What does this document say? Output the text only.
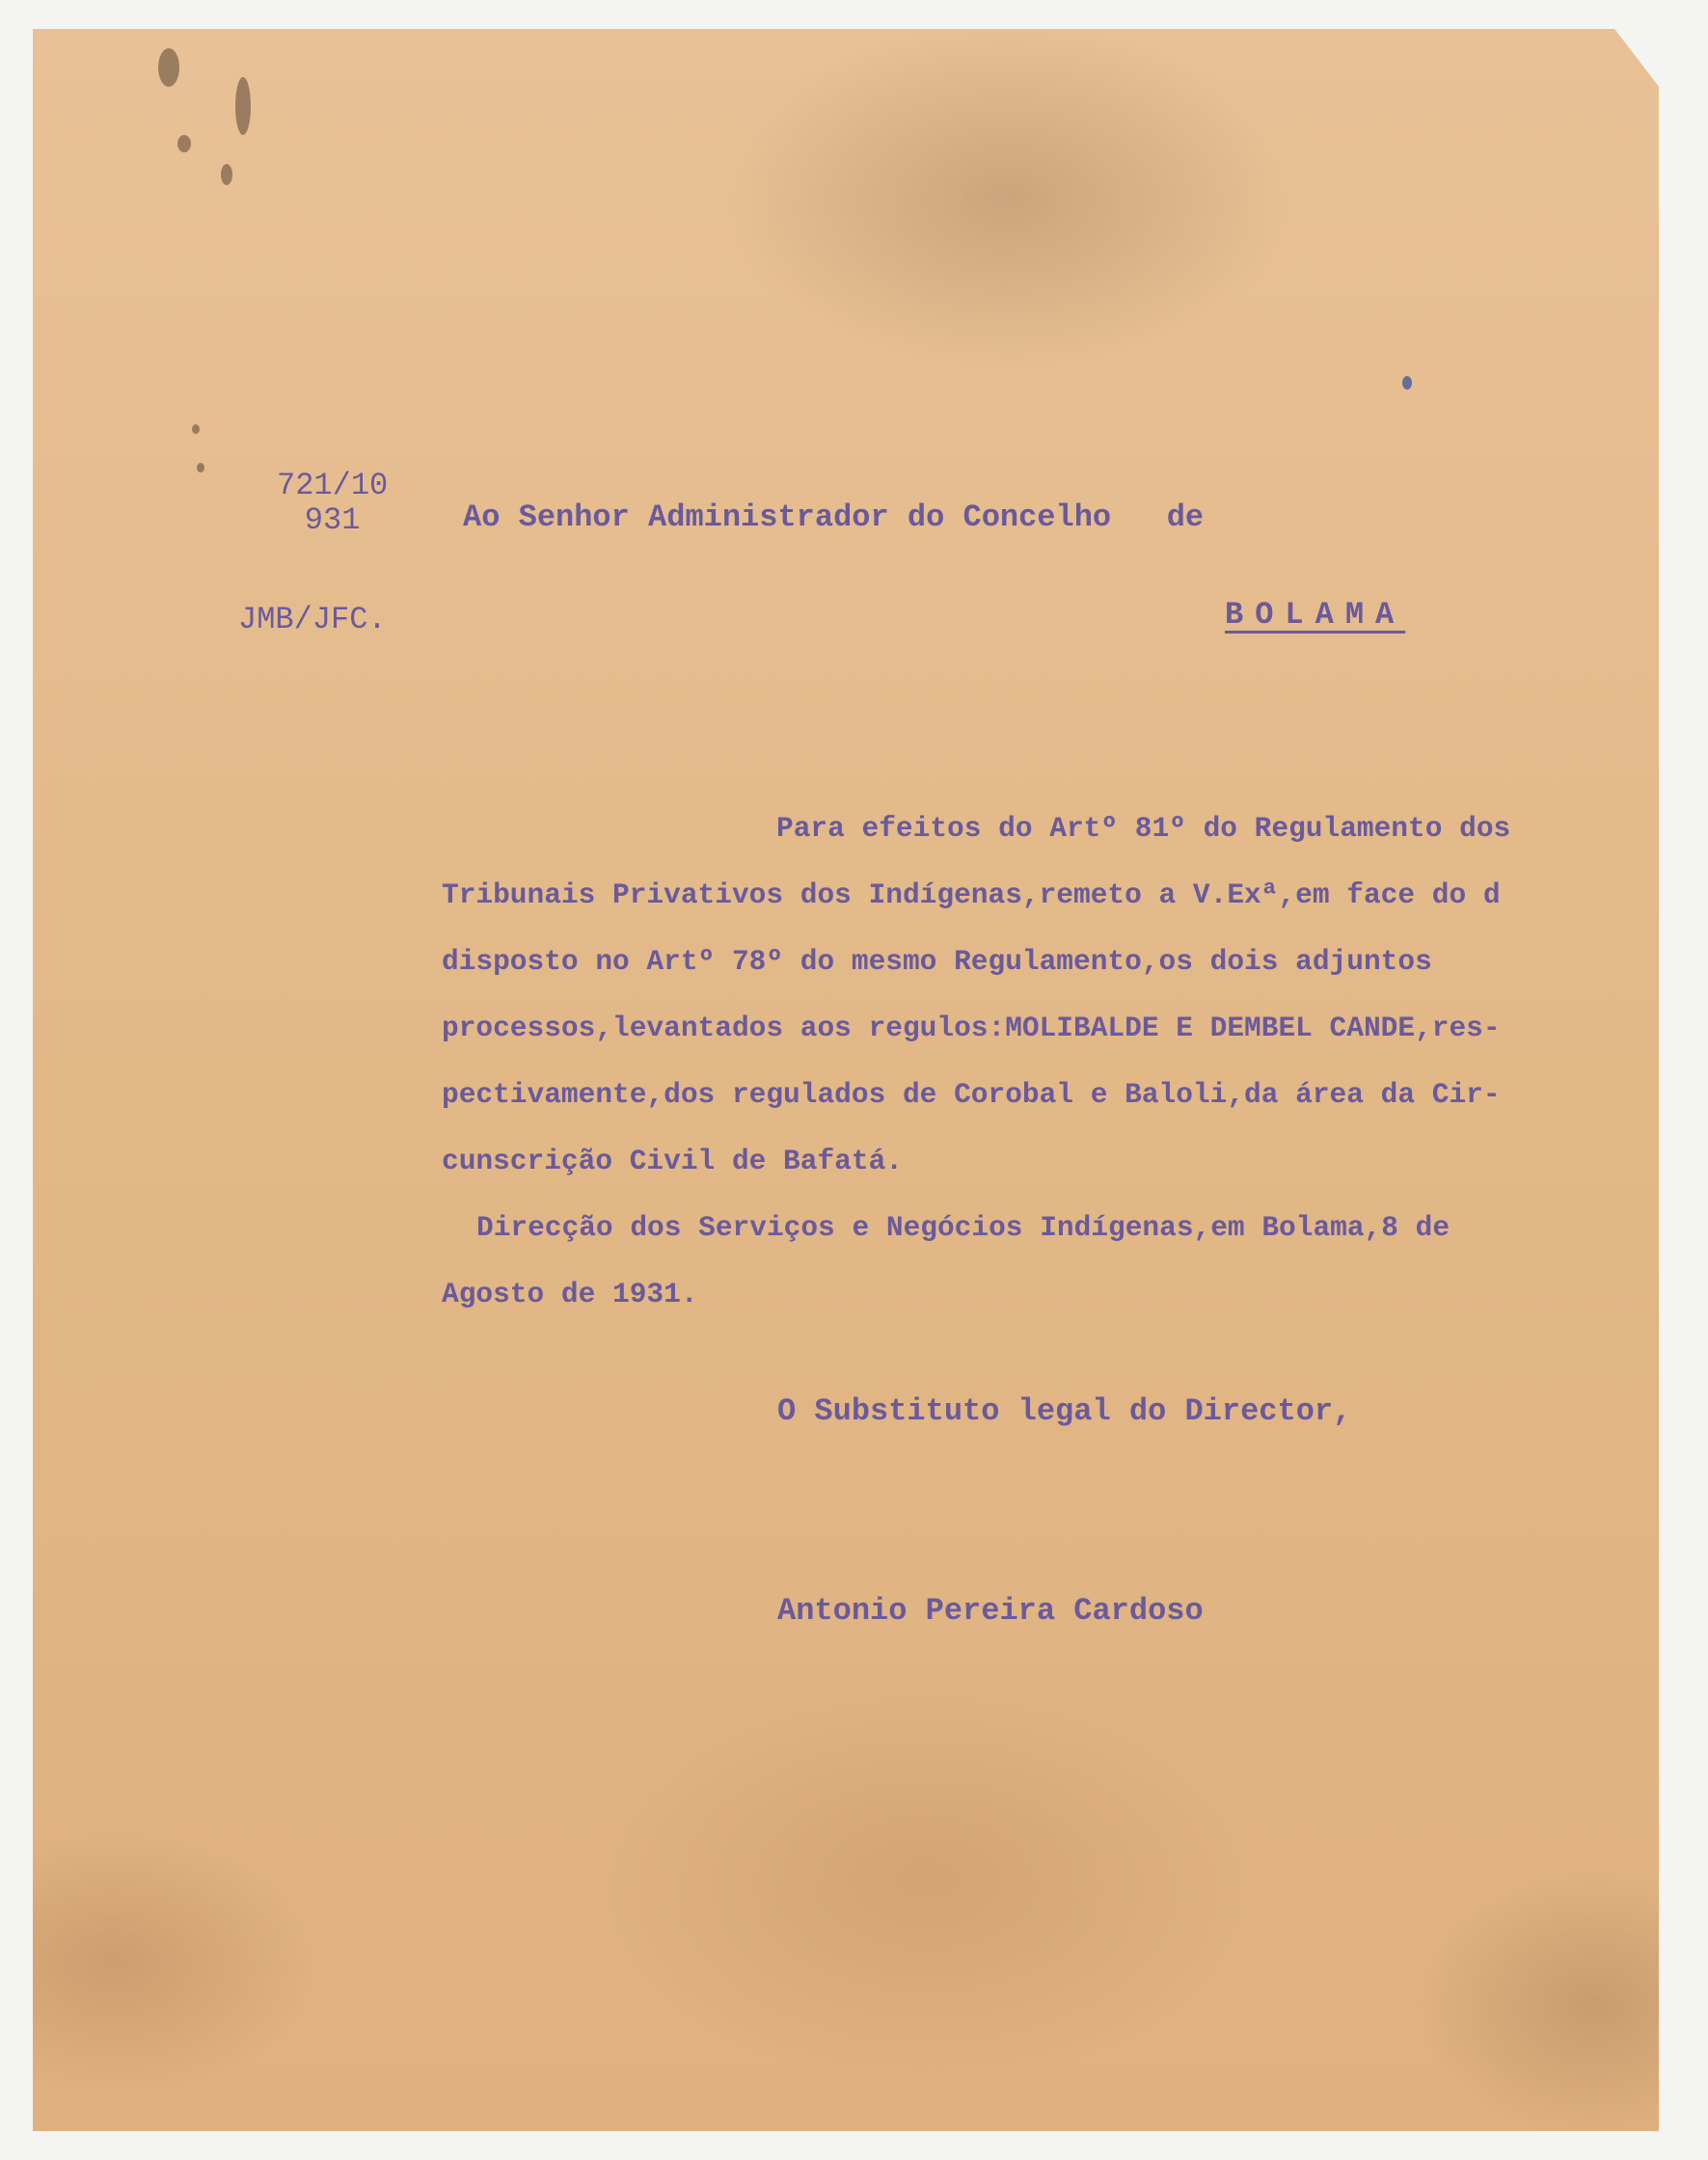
721/10
931	Ao Senhor Administrador do Concelho   de
JMB/JFC.	BOLAMA
Para efeitos do Artº 81º do Regulamento dos
Tribunais Privativos dos Indígenas,remeto a V.Exª,em face do d
disposto no Artº 78º do mesmo Regulamento,os dois adjuntos
processos,levantados aos regulos:MOLIBALDE E DEMBEL CANDE,res-
pectivamente,dos regulados de Corobal e Baloli,da área da Cir-
cunscrição Civil de Bafatá.
Direcção dos Serviços e Negócios Indígenas,em Bolama,8 de
Agosto de 1931.
O Substituto legal do Director,
Antonio Pereira Cardoso
